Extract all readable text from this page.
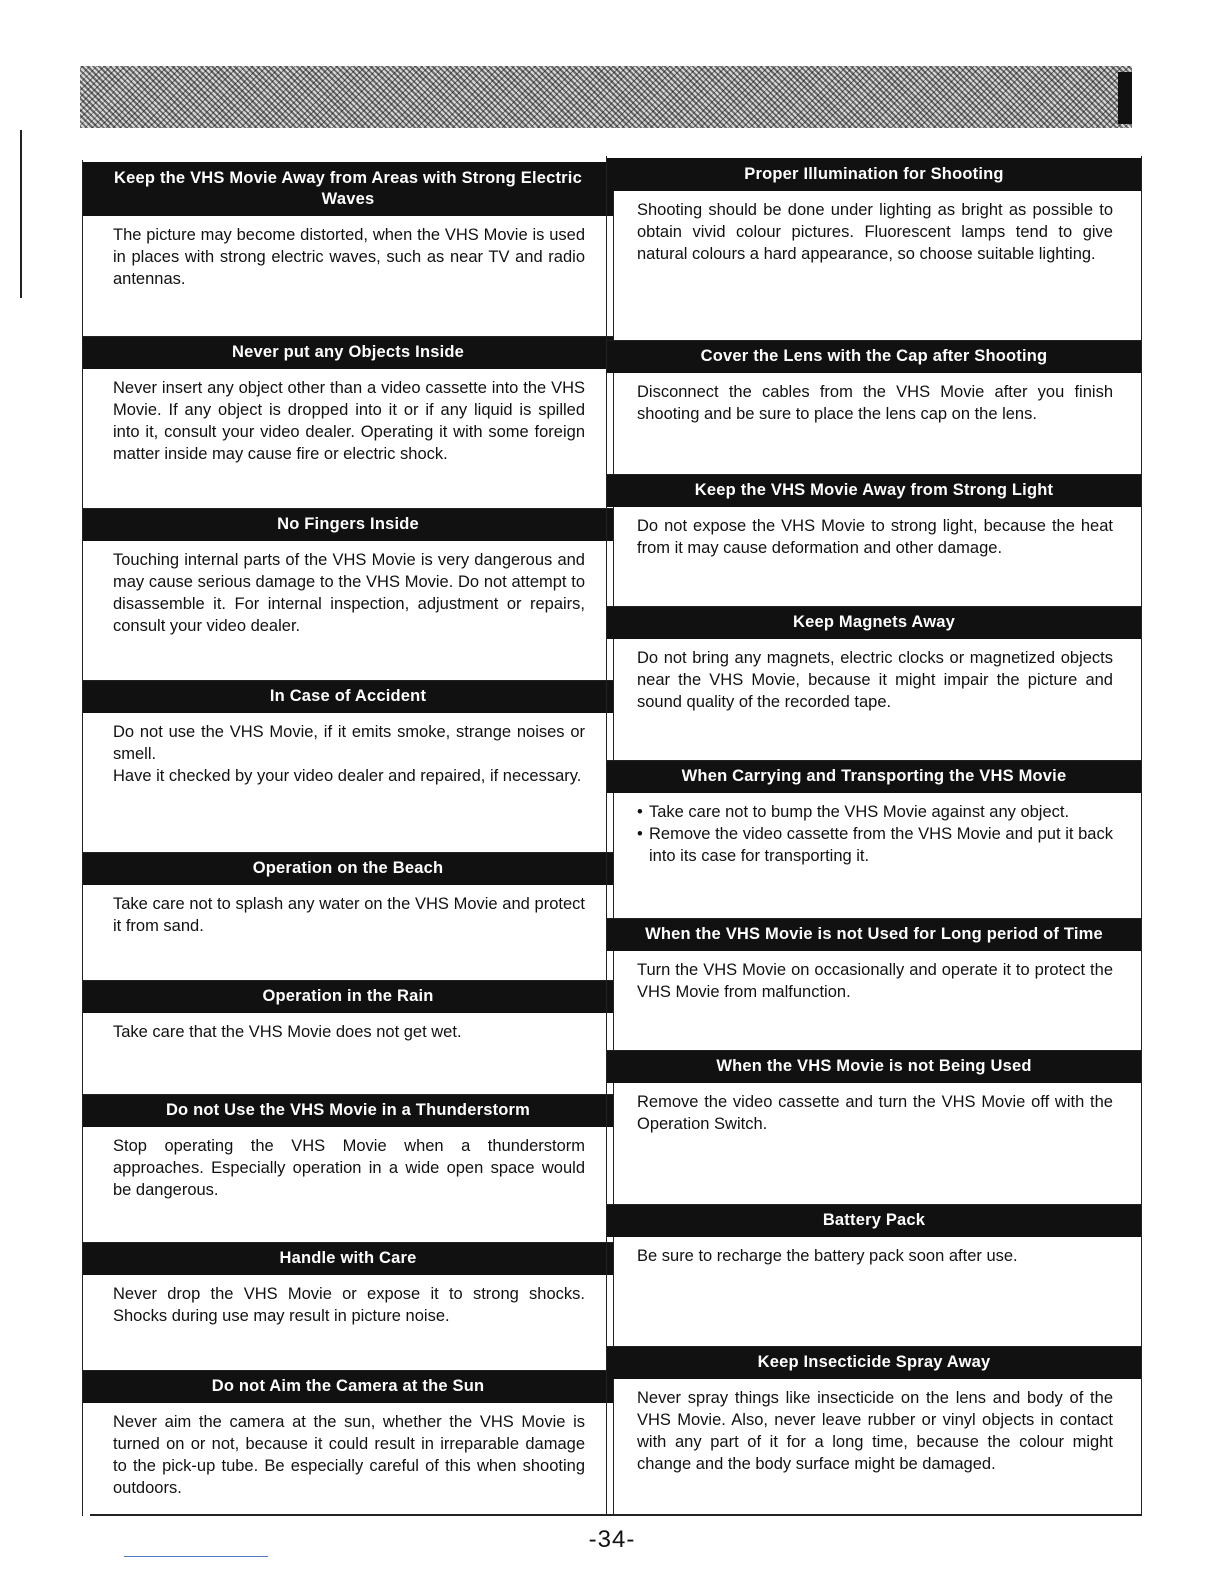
Keep the VHS Movie Away from Areas with Strong Electric Waves

The picture may become distorted, when the VHS Movie is used in places with strong electric waves, such as near TV and radio antennas.

Never put any Objects Inside

Never insert any object other than a video cassette into the VHS Movie. If any object is dropped into it or if any liquid is spilled into it, consult your video dealer. Operating it with some foreign matter inside may cause fire or electric shock.

No Fingers Inside

Touching internal parts of the VHS Movie is very dangerous and may cause serious damage to the VHS Movie. Do not attempt to disassemble it. For internal inspection, adjustment or repairs, consult your video dealer.

In Case of Accident

Do not use the VHS Movie, if it emits smoke, strange noises or smell.

Have it checked by your video dealer and repaired, if necessary.

Operation on the Beach

Take care not to splash any water on the VHS Movie and protect it from sand.

Operation in the Rain

Take care that the VHS Movie does not get wet.

Do not Use the VHS Movie in a Thunderstorm

Stop operating the VHS Movie when a thunderstorm approaches. Especially operation in a wide open space would be dangerous.

Handle with Care

Never drop the VHS Movie or expose it to strong shocks. Shocks during use may result in picture noise.

Do not Aim the Camera at the Sun

Never aim the camera at the sun, whether the VHS Movie is turned on or not, because it could result in irreparable damage to the pick-up tube. Be especially careful of this when shooting outdoors.

Proper Illumination for Shooting

Shooting should be done under lighting as bright as possible to obtain vivid colour pictures. Fluorescent lamps tend to give natural colours a hard appearance, so choose suitable lighting.

Cover the Lens with the Cap after Shooting

Disconnect the cables from the VHS Movie after you finish shooting and be sure to place the lens cap on the lens.

Keep the VHS Movie Away from Strong Light

Do not expose the VHS Movie to strong light, because the heat from it may cause deformation and other damage.

Keep Magnets Away

Do not bring any magnets, electric clocks or magnetized objects near the VHS Movie, because it might impair the picture and sound quality of the recorded tape.

When Carrying and Transporting the VHS Movie
• Take care not to bump the VHS Movie against any object.
• Remove the video cassette from the VHS Movie and put it back into its case for transporting it.
When the VHS Movie is not Used for Long period of Time

Turn the VHS Movie on occasionally and operate it to protect the VHS Movie from malfunction.

When the VHS Movie is not Being Used

Remove the video cassette and turn the VHS Movie off with the Operation Switch.

Battery Pack

Be sure to recharge the battery pack soon after use.

Keep Insecticide Spray Away

Never spray things like insecticide on the lens and body of the VHS Movie. Also, never leave rubber or vinyl objects in contact with any part of it for a long time, because the colour might change and the body surface might be damaged.

-34-
